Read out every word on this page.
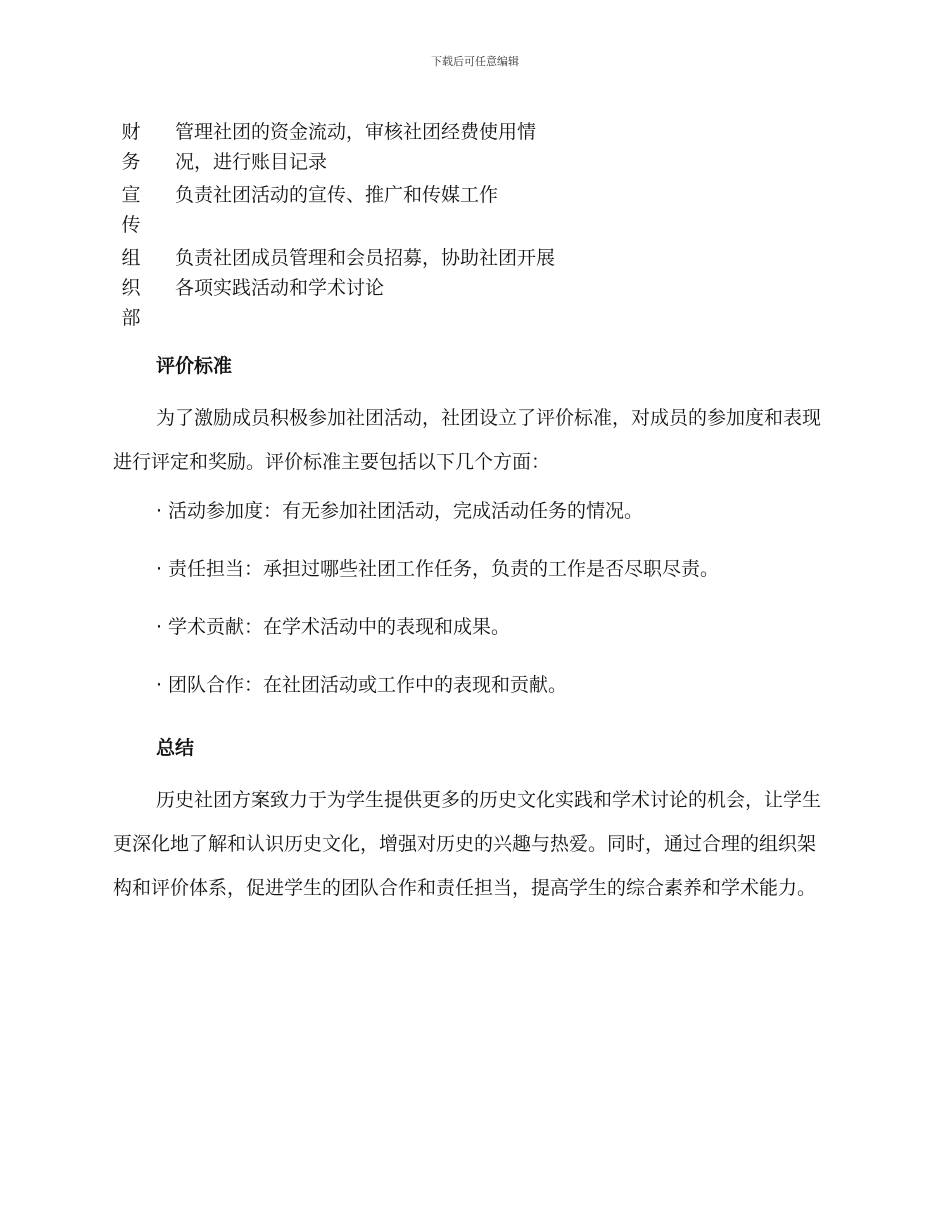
下载后可任意编辑
财务
管理社团的资金流动，审核社团经费使用情况，进行账目记录
宣传
负责社团活动的宣传、推广和传媒工作
组织部
负责社团成员管理和会员招募，协助社团开展各项实践活动和学术讨论
评价标准

为了激励成员积极参加社团活动，社团设立了评价标准，对成员的参加度和表现进行评定和奖励。评价标准主要包括以下几个方面：

· 活动参加度：有无参加社团活动，完成活动任务的情况。
· 责任担当：承担过哪些社团工作任务，负责的工作是否尽职尽责。
· 学术贡献：在学术活动中的表现和成果。
· 团队合作：在社团活动或工作中的表现和贡献。
总结

历史社团方案致力于为学生提供更多的历史文化实践和学术讨论的机会，让学生更深化地了解和认识历史文化，增强对历史的兴趣与热爱。同时，通过合理的组织架构和评价体系，促进学生的团队合作和责任担当，提高学生的综合素养和学术能力。
